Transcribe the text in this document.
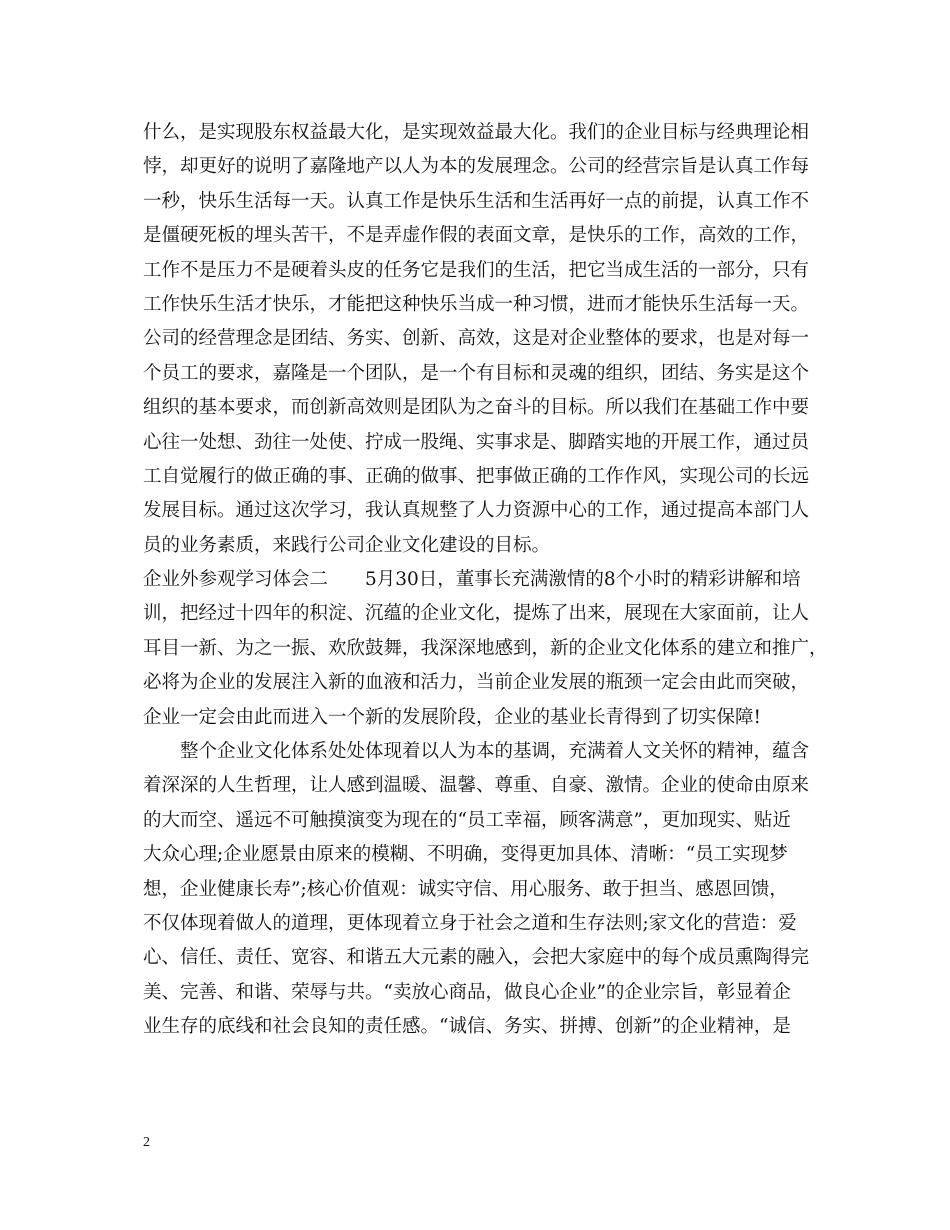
什么，是实现股东权益最大化，是实现效益最大化。我们的企业目标与经典理论相
悖，却更好的说明了嘉隆地产以人为本的发展理念。公司的经营宗旨是认真工作每
一秒，快乐生活每一天。认真工作是快乐生活和生活再好一点的前提，认真工作不
是僵硬死板的埋头苦干，不是弄虚作假的表面文章，是快乐的工作，高效的工作，
工作不是压力不是硬着头皮的任务它是我们的生活，把它当成生活的一部分，只有
工作快乐生活才快乐，才能把这种快乐当成一种习惯，进而才能快乐生活每一天。
公司的经营理念是团结、务实、创新、高效，这是对企业整体的要求，也是对每一
个员工的要求，嘉隆是一个团队，是一个有目标和灵魂的组织，团结、务实是这个
组织的基本要求，而创新高效则是团队为之奋斗的目标。所以我们在基础工作中要
心往一处想、劲往一处使、拧成一股绳、实事求是、脚踏实地的开展工作，通过员
工自觉履行的做正确的事、正确的做事、把事做正确的工作作风，实现公司的长远
发展目标。通过这次学习，我认真规整了人力资源中心的工作，通过提高本部门人
员的业务素质，来践行公司企业文化建设的目标。
企业外参观学习体会二　　5月30日，董事长充满激情的8个小时的精彩讲解和培
训，把经过十四年的积淀、沉蕴的企业文化，提炼了出来，展现在大家面前，让人
耳目一新、为之一振、欢欣鼓舞，我深深地感到，新的企业文化体系的建立和推广，
必将为企业的发展注入新的血液和活力，当前企业发展的瓶颈一定会由此而突破，
企业一定会由此而进入一个新的发展阶段，企业的基业长青得到了切实保障!
　　整个企业文化体系处处体现着以人为本的基调，充满着人文关怀的精神，蕴含
着深深的人生哲理，让人感到温暖、温馨、尊重、自豪、激情。企业的使命由原来
的大而空、遥远不可触摸演变为现在的“员工幸福，顾客满意”，更加现实、贴近
大众心理;企业愿景由原来的模糊、不明确，变得更加具体、清晰：“员工实现梦
想，企业健康长寿”;核心价值观：诚实守信、用心服务、敢于担当、感恩回馈，
不仅体现着做人的道理，更体现着立身于社会之道和生存法则;家文化的营造：爱
心、信任、责任、宽容、和谐五大元素的融入，会把大家庭中的每个成员熏陶得完
美、完善、和谐、荣辱与共。“卖放心商品，做良心企业”的企业宗旨，彰显着企
业生存的底线和社会良知的责任感。“诚信、务实、拼搏、创新”的企业精神，是
2
